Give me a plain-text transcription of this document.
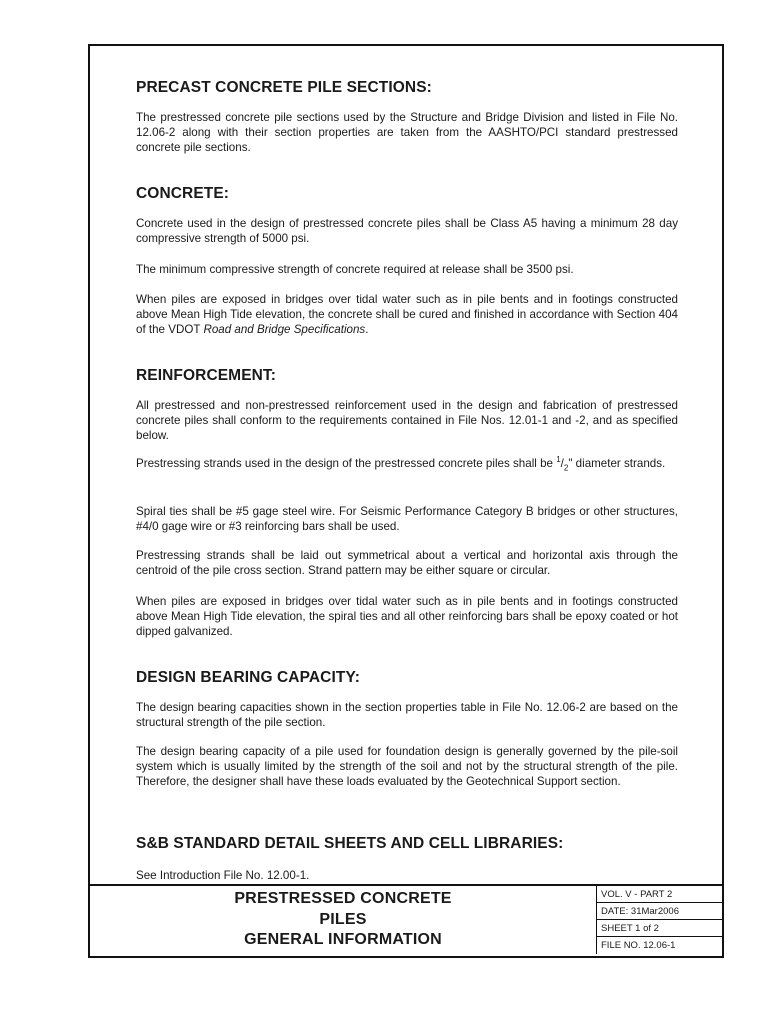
PRECAST CONCRETE PILE SECTIONS:

The prestressed concrete pile sections used by the Structure and Bridge Division and listed in File No. 12.06-2 along with their section properties are taken from the AASHTO/PCI standard prestressed concrete pile sections.

CONCRETE:

Concrete used in the design of prestressed concrete piles shall be Class A5 having a minimum 28 day compressive strength of 5000 psi.

The minimum compressive strength of concrete required at release shall be 3500 psi.

When piles are exposed in bridges over tidal water such as in pile bents and in footings constructed above Mean High Tide elevation, the concrete shall be cured and finished in accordance with Section 404 of the VDOT Road and Bridge Specifications.

REINFORCEMENT:

All prestressed and non-prestressed reinforcement used in the design and fabrication of prestressed concrete piles shall conform to the requirements contained in File Nos. 12.01-1 and -2, and as specified below.

Prestressing strands used in the design of the prestressed concrete piles shall be $^1/_2$" diameter strands.

Spiral ties shall be #5 gage steel wire. For Seismic Performance Category B bridges or other structures, #4/0 gage wire or #3 reinforcing bars shall be used.

Prestressing strands shall be laid out symmetrical about a vertical and horizontal axis through the centroid of the pile cross section. Strand pattern may be either square or circular.

When piles are exposed in bridges over tidal water such as in pile bents and in footings constructed above Mean High Tide elevation, the spiral ties and all other reinforcing bars shall be epoxy coated or hot dipped galvanized.

DESIGN BEARING CAPACITY:

The design bearing capacities shown in the section properties table in File No. 12.06-2 are based on the structural strength of the pile section.

The design bearing capacity of a pile used for foundation design is generally governed by the pile-soil system which is usually limited by the strength of the soil and not by the structural strength of the pile. Therefore, the designer shall have these loads evaluated by the Geotechnical Support section.

S&B STANDARD DETAIL SHEETS AND CELL LIBRARIES:

See Introduction File No. 12.00-1.

PRESTRESSED CONCRETE
PILES
GENERAL INFORMATION
VOL. V - PART 2
DATE: 31Mar2006
SHEET 1 of 2
FILE NO. 12.06-1
